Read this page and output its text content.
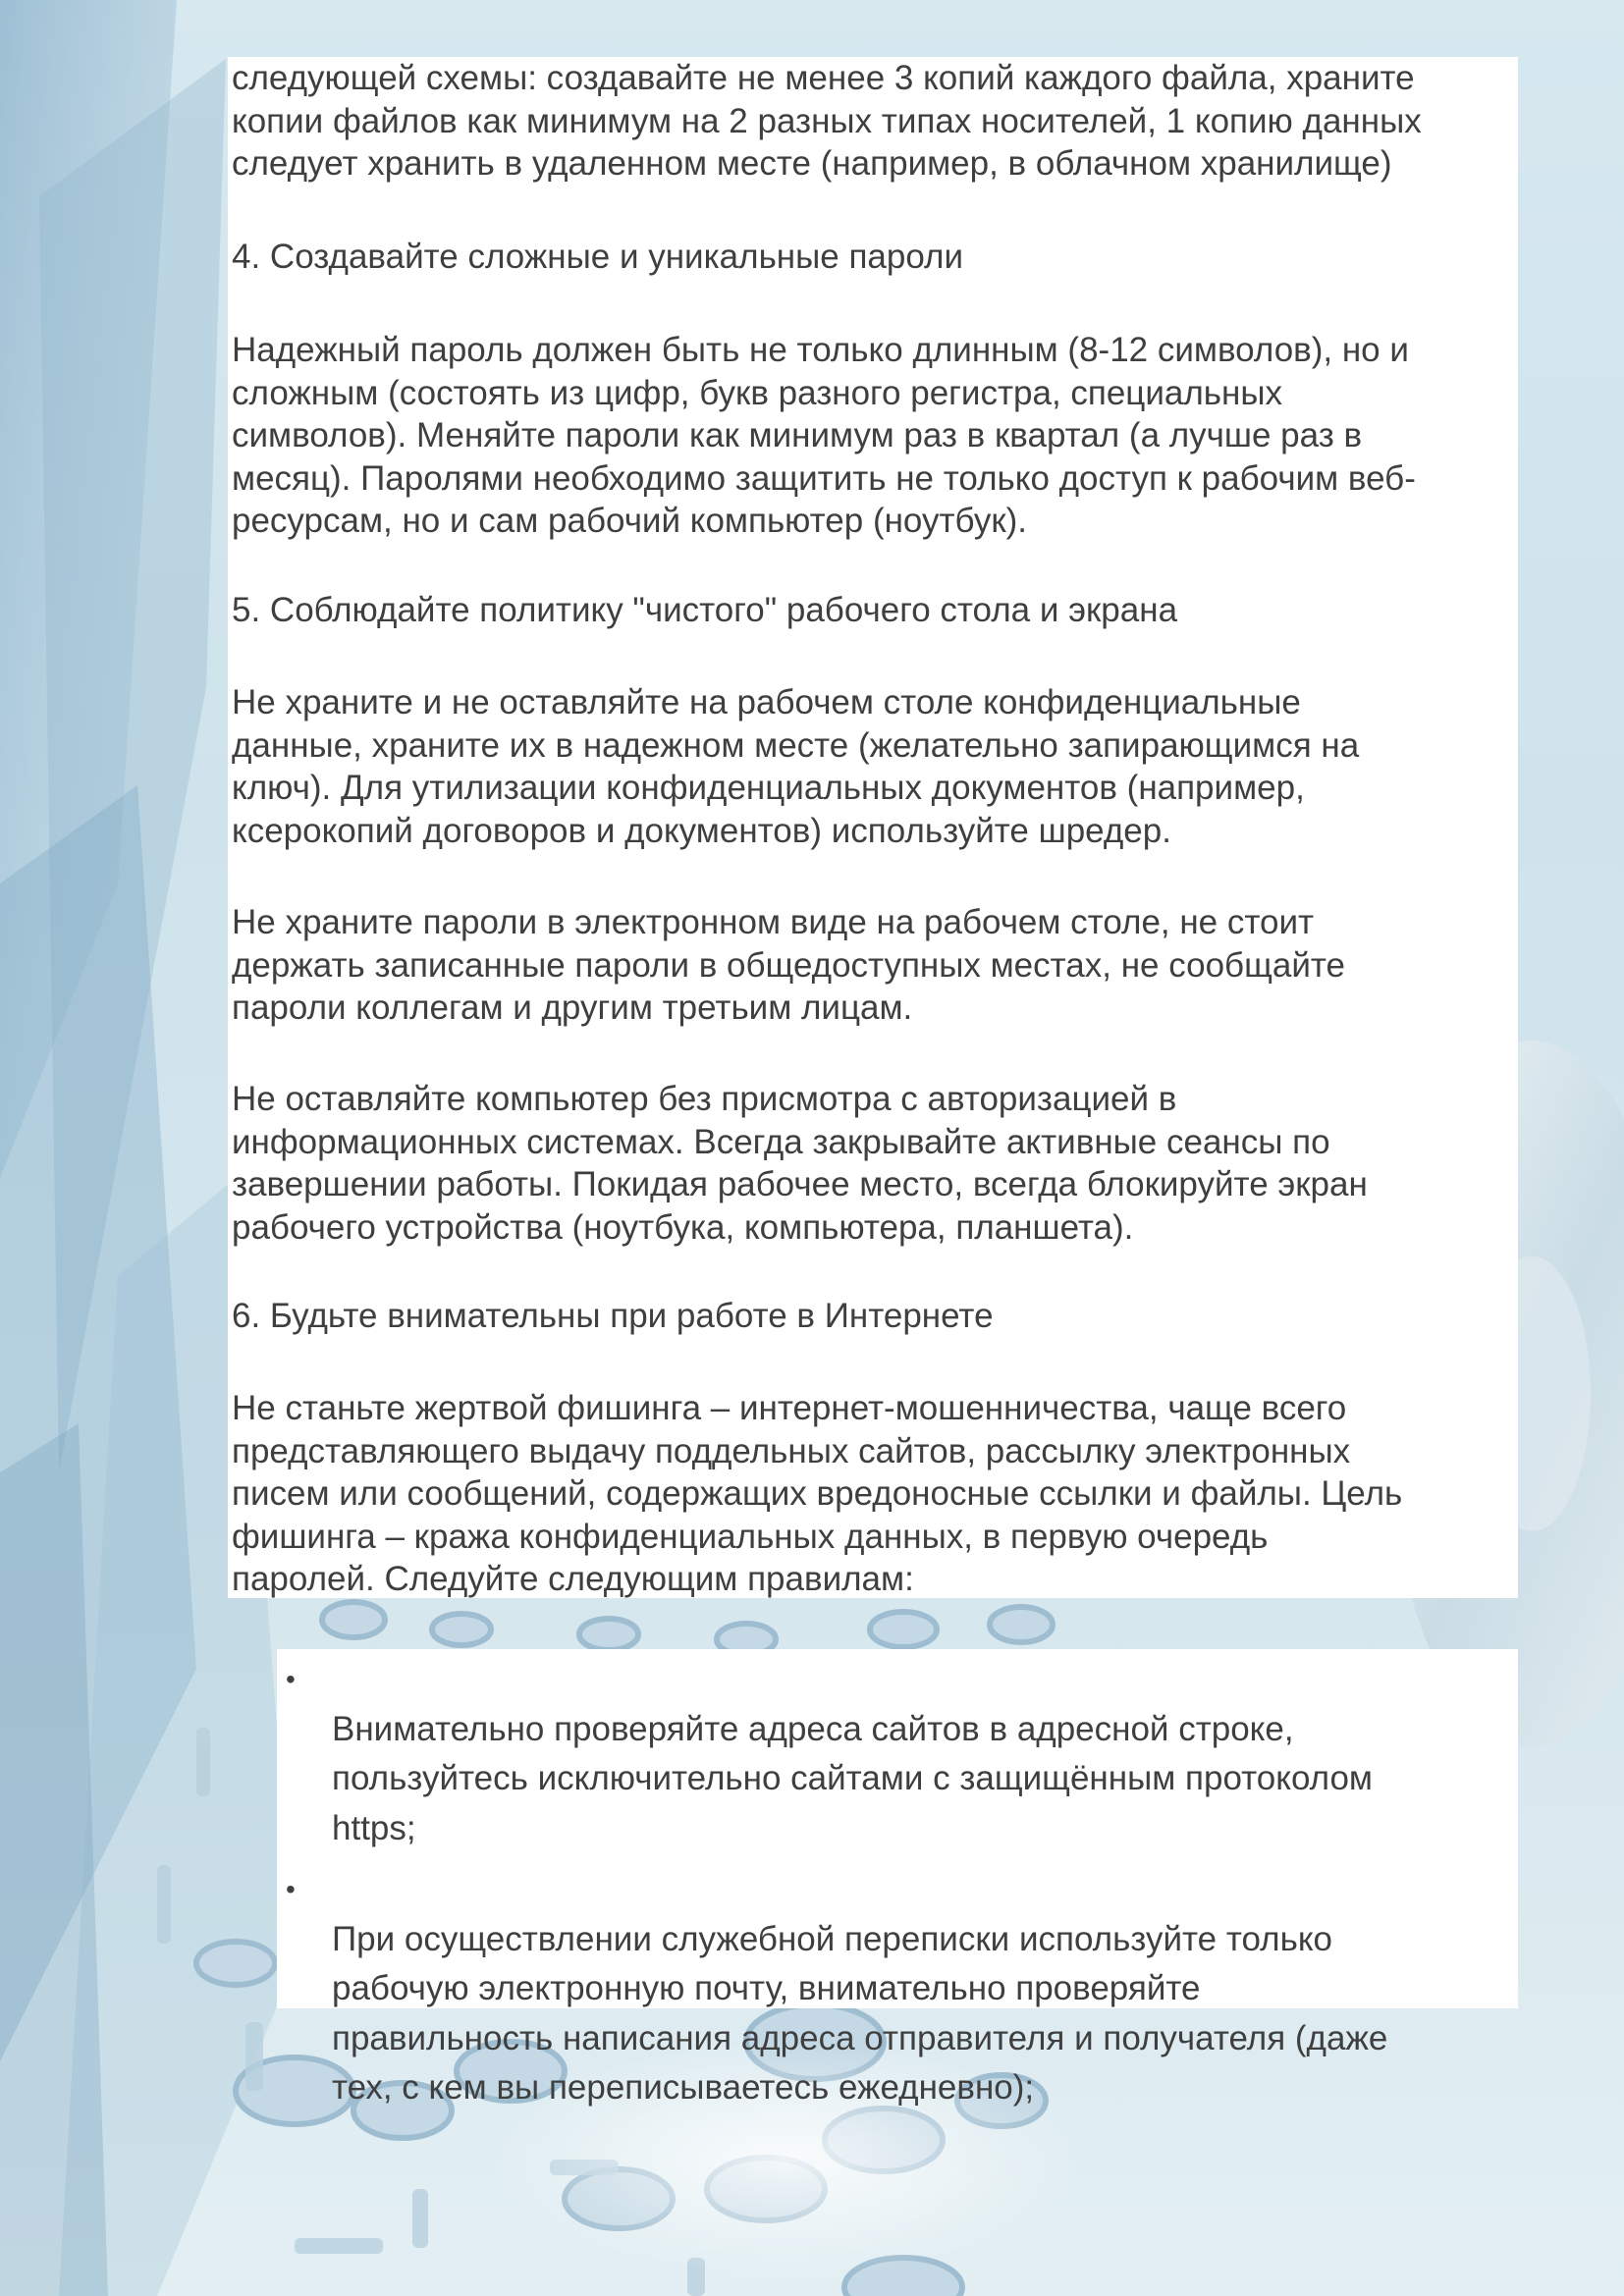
следующей схемы: создавайте не менее 3 копий каждого файла, храните
копии файлов как минимум на 2 разных типах носителей, 1 копию данных
следует хранить в удаленном месте (например, в облачном хранилище)

4. Создавайте сложные и уникальные пароли

Надежный пароль должен быть не только длинным (8-12 символов), но и
сложным (состоять из цифр, букв разного регистра, специальных
символов). Меняйте пароли как минимум раз в квартал (а лучше раз в
месяц). Паролями необходимо защитить не только доступ к рабочим веб-
ресурсам, но и сам рабочий компьютер (ноутбук).

5. Соблюдайте политику "чистого" рабочего стола и экрана

Не храните и не оставляйте на рабочем столе конфиденциальные
данные, храните их в надежном месте (желательно запирающимся на
ключ). Для утилизации конфиденциальных документов (например,
ксерокопий договоров и документов) используйте шредер.

Не храните пароли в электронном виде на рабочем столе, не стоит
держать записанные пароли в общедоступных местах, не сообщайте
пароли коллегам и другим третьим лицам.

Не оставляйте компьютер без присмотра с авторизацией в
информационных системах. Всегда закрывайте активные сеансы по
завершении работы. Покидая рабочее место, всегда блокируйте экран
рабочего устройства (ноутбука, компьютера, планшета).

6. Будьте внимательны при работе в Интернете

Не станьте жертвой фишинга – интернет-мошенничества, чаще всего
представляющего выдачу поддельных сайтов, рассылку электронных
писем или сообщений, содержащих вредоносные ссылки и файлы. Цель
фишинга – кража конфиденциальных данных, в первую очередь
паролей. Следуйте следующим правилам:

•
Внимательно проверяйте адреса сайтов в адресной строке,
пользуйтесь исключительно сайтами с защищённым протоколом
https;

•
При осуществлении служебной переписки используйте только
рабочую электронную почту, внимательно проверяйте
правильность написания адреса отправителя и получателя (даже
тех, с кем вы переписываетесь ежедневно);
